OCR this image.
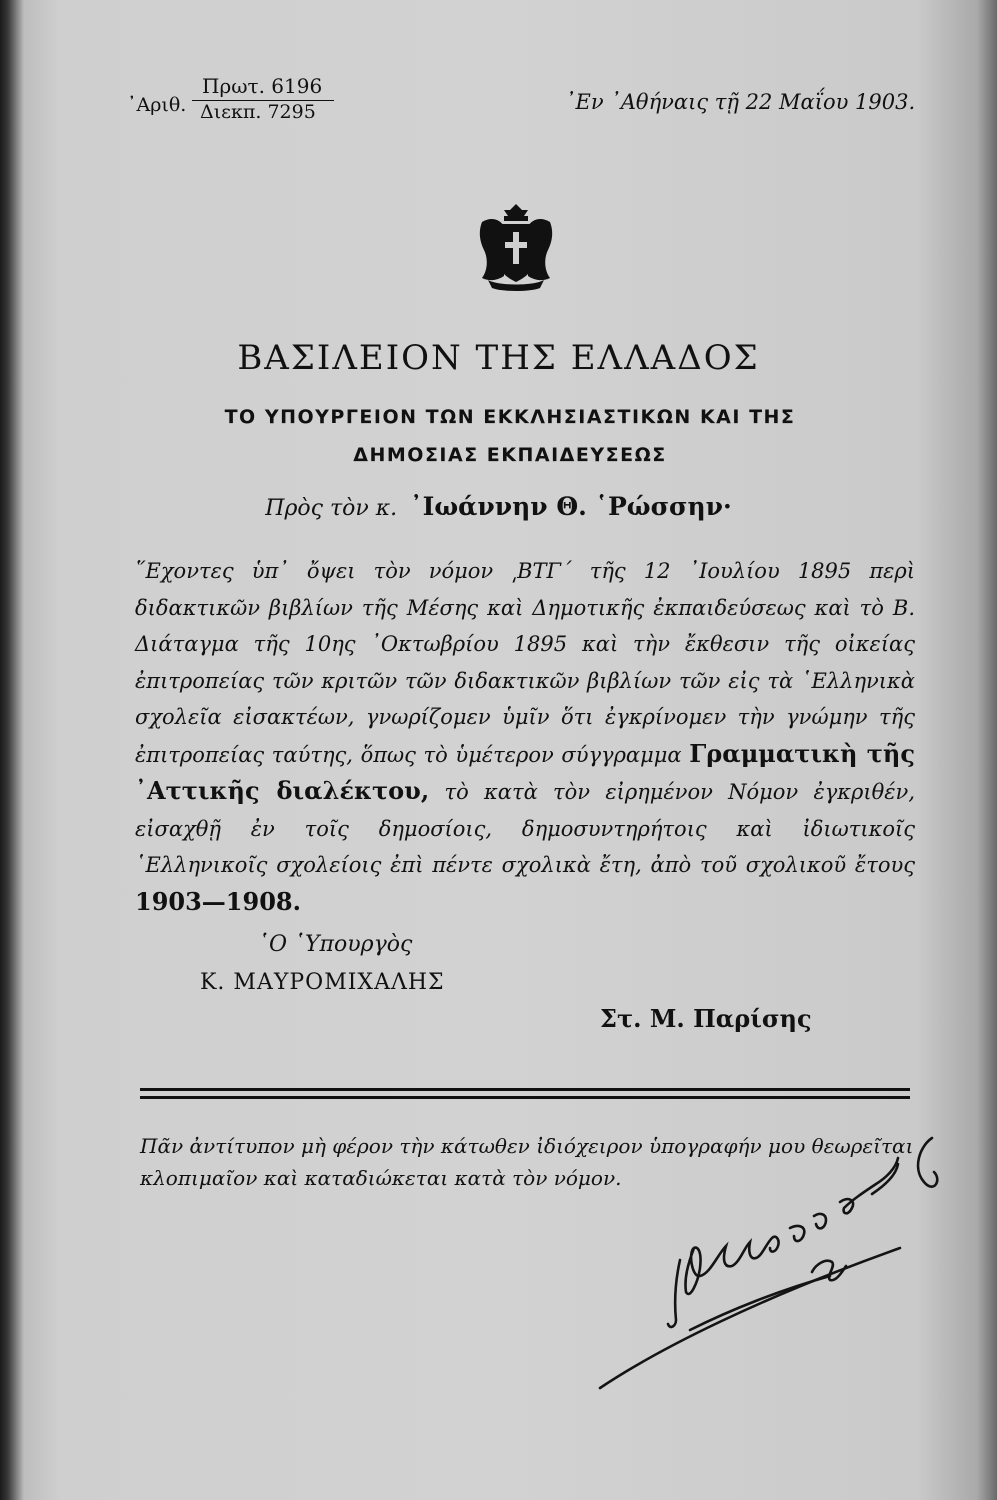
᾿Αριθ.
Πρωτ. 6196
Διεκπ. 7295	᾿Εν ᾿Αθήναις τῇ 22 Μαΐου 1903.
ΒΑΣΙΛΕΙΟΝ ΤΗΣ ΕΛΛΑΔΟΣ
ΤΟ ΥΠΟΥΡΓΕΙΟΝ ΤΩΝ ΕΚΚΛΗΣΙΑΣΤΙΚΩΝ ΚΑΙ ΤΗΣ
ΔΗΜΟΣΙΑΣ ΕΚΠΑΙΔΕΥΣΕΩΣ
Πρὸς τὸν κ. ᾿Ιωάννην Θ. ῾Ρώσσην·
῞Εχοντες ὑπ᾿ ὄψει τὸν νόμον ͵ΒΤΓ΄ τῆς 12 ᾿Ιουλίου 1895 περὶ διδακτικῶν βιβλίων τῆς Μέσης καὶ Δημοτικῆς ἐκπαιδεύσεως καὶ τὸ Β. Διάταγμα τῆς 10ης ᾿Οκτωβρίου 1895 καὶ τὴν ἔκθεσιν τῆς οἰκείας ἐπιτροπείας τῶν κριτῶν τῶν διδακτικῶν βιβλίων τῶν εἰς τὰ ῾Ελληνικὰ σχολεῖα εἰσακτέων, γνωρίζομεν ὑμῖν ὅτι ἐγκρίνομεν τὴν γνώμην τῆς ἐπιτροπείας ταύτης, ὅπως τὸ ὑμέτερον σύγγραμμα Γραμματικὴ τῆς ᾿Αττικῆς διαλέκτου, τὸ κατὰ τὸν εἰρημένον Νόμον ἐγκριθέν, εἰσαχθῇ ἐν τοῖς δημοσίοις, δημοσυντηρήτοις καὶ ἰδιωτικοῖς ῾Ελληνικοῖς σχολείοις ἐπὶ πέντε σχολικὰ ἔτη, ἀπὸ τοῦ σχολικοῦ ἔτους 1903—1908.
῾Ο ῾Υπουργὸς
Κ. ΜΑΥΡΟΜΙΧΑΛΗΣ
Στ. Μ. Παρίσης
Πᾶν ἀντίτυπον μὴ φέρον τὴν κάτωθεν ἰδιόχειρον ὑπογραφήν μου θεωρεῖται κλοπιμαῖον καὶ καταδιώκεται κατὰ τὸν νόμον.
